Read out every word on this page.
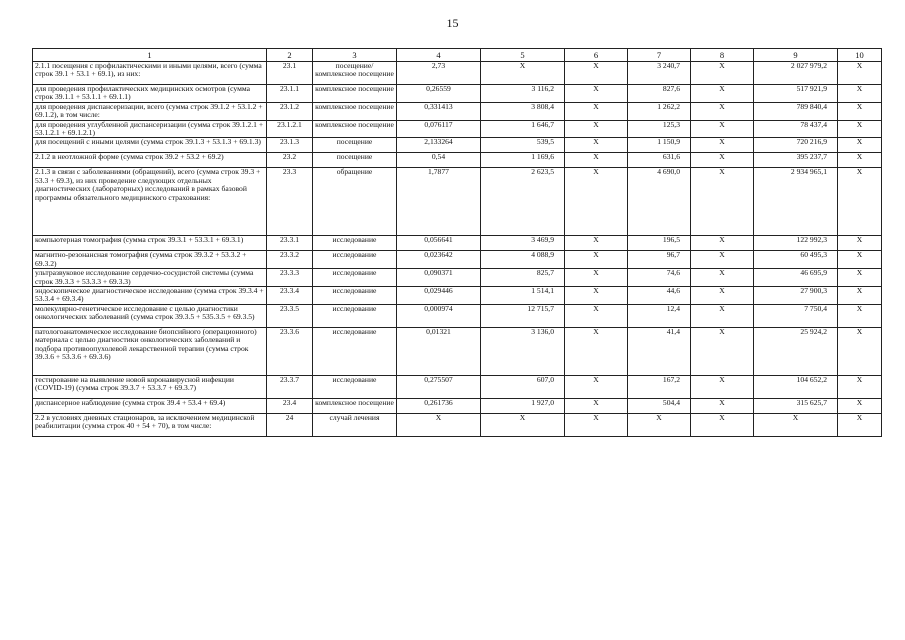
15
1	2	3	4	5	6	7	8	9	10
2.1.1 посещения с профилактическими и иными целями, всего (сумма строк 39.1 + 53.1 + 69.1), из них:	23.1	посещение/ комплексное посещение	2,73	X	X	3 240,7	X	2 027 979,2	X
для проведения профилактических медицинских осмотров (сумма строк 39.1.1 + 53.1.1 + 69.1.1)	23.1.1	комплексное посещение	0,26559	3 116,2	X	827,6	X	517 921,9	X
для проведения диспансеризации, всего (сумма строк 39.1.2 + 53.1.2 + 69.1.2), в том числе:	23.1.2	комплексное посещение	0,331413	3 808,4	X	1 262,2	X	789 840,4	X
для проведения углубленной диспансеризации (сумма строк 39.1.2.1 + 53.1.2.1 + 69.1.2.1)	23.1.2.1	комплексное посещение	0,076117	1 646,7	X	125,3	X	78 437,4	X
для посещений с иными целями (сумма строк 39.1.3 + 53.1.3 + 69.1.3)	23.1.3	посещение	2,133264	539,5	X	1 150,9	X	720 216,9	X
2.1.2 в неотложной форме (сумма строк 39.2 + 53.2 + 69.2)	23.2	посещение	0,54	1 169,6	X	631,6	X	395 237,7	X
2.1.3 в связи с заболеваниями (обращений), всего (сумма строк 39.3 + 53.3 + 69.3), из них проведение следующих отдельных диагностических (лабораторных) исследований в рамках базовой программы обязательного медицинского страхования:	23.3	обращение	1,7877	2 623,5	X	4 690,0	X	2 934 965,1	X
компьютерная томография (сумма строк 39.3.1 + 53.3.1 + 69.3.1)	23.3.1	исследование	0,056641	3 469,9	X	196,5	X	122 992,3	X
магнитно-резонансная томография (сумма строк 39.3.2 + 53.3.2 + 69.3.2)	23.3.2	исследование	0,023642	4 088,9	X	96,7	X	60 495,3	X
ультразвуковое исследование сердечно-сосудистой системы (сумма строк 39.3.3 + 53.3.3 + 69.3.3)	23.3.3	исследование	0,090371	825,7	X	74,6	X	46 695,9	X
эндоскопическое диагностическое исследование (сумма строк 39.3.4 + 53.3.4 + 69.3.4)	23.3.4	исследование	0,029446	1 514,1	X	44,6	X	27 900,3	X
молекулярно-генетическое исследование с целью диагностики онкологических заболеваний (сумма строк 39.3.5 + 535.3.5 + 69.3.5)	23.3.5	исследование	0,000974	12 715,7	X	12,4	X	7 750,4	X
патологоанатомическое исследование биопсийного (операционного) материала с целью диагностики онкологических заболеваний и подбора противоопухолевой лекарственной терапии (сумма строк 39.3.6 + 53.3.6 + 69.3.6)	23.3.6	исследование	0,01321	3 136,0	X	41,4	X	25 924,2	X
тестирование на выявление новой коронавирусной инфекции (COVID-19) (сумма строк 39.3.7 + 53.3.7 + 69.3.7)	23.3.7	исследование	0,275507	607,0	X	167,2	X	104 652,2	X
диспансерное наблюдение (сумма строк 39.4 + 53.4 + 69.4)	23.4	комплексное посещение	0,261736	1 927,0	X	504,4	X	315 625,7	X
2.2 в условиях дневных стационаров, за исключением медицинской реабилитации (сумма строк 40 + 54 + 70), в том числе:	24	случай лечения	X	X	X	X	X	X	X
